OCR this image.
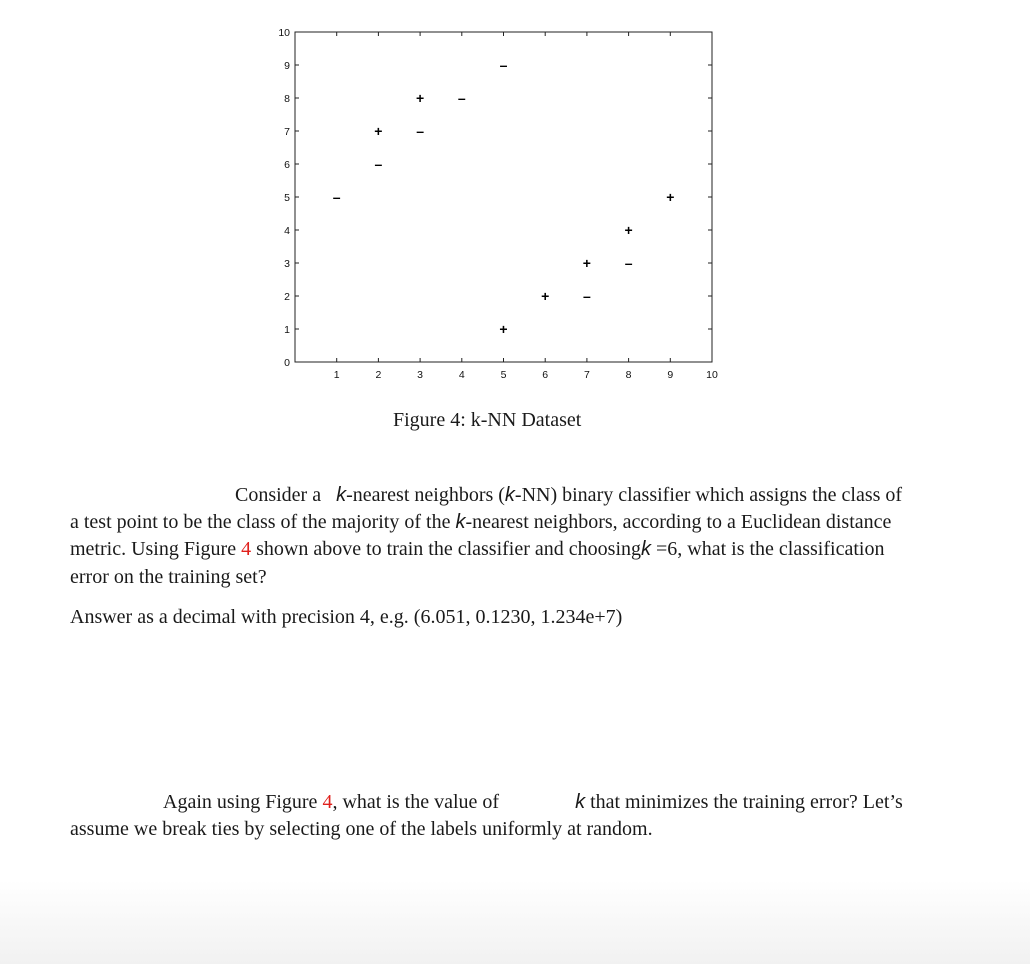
1	2	3	4	5	6	7	8	9	10
0
1
2
3
4
5
6
7
8
9
10
+
+
+
+
+
+
+
–
–
–
–
–
–
–
Figure 4: k-NN Dataset
Consider a k-nearest neighbors (k-NN) binary classifier which assigns the class of
a test point to be the class of the majority of the k-nearest neighbors, according to a Euclidean distance
metric. Using Figure 4 shown above to train the classifier and choosingk =6, what is the classification
error on the training set?
Answer as a decimal with precision 4, e.g. (6.051, 0.1230, 1.234e+7)
Again using Figure 4, what is the value of	k that minimizes the training error? Let’s
assume we break ties by selecting one of the labels uniformly at random.
